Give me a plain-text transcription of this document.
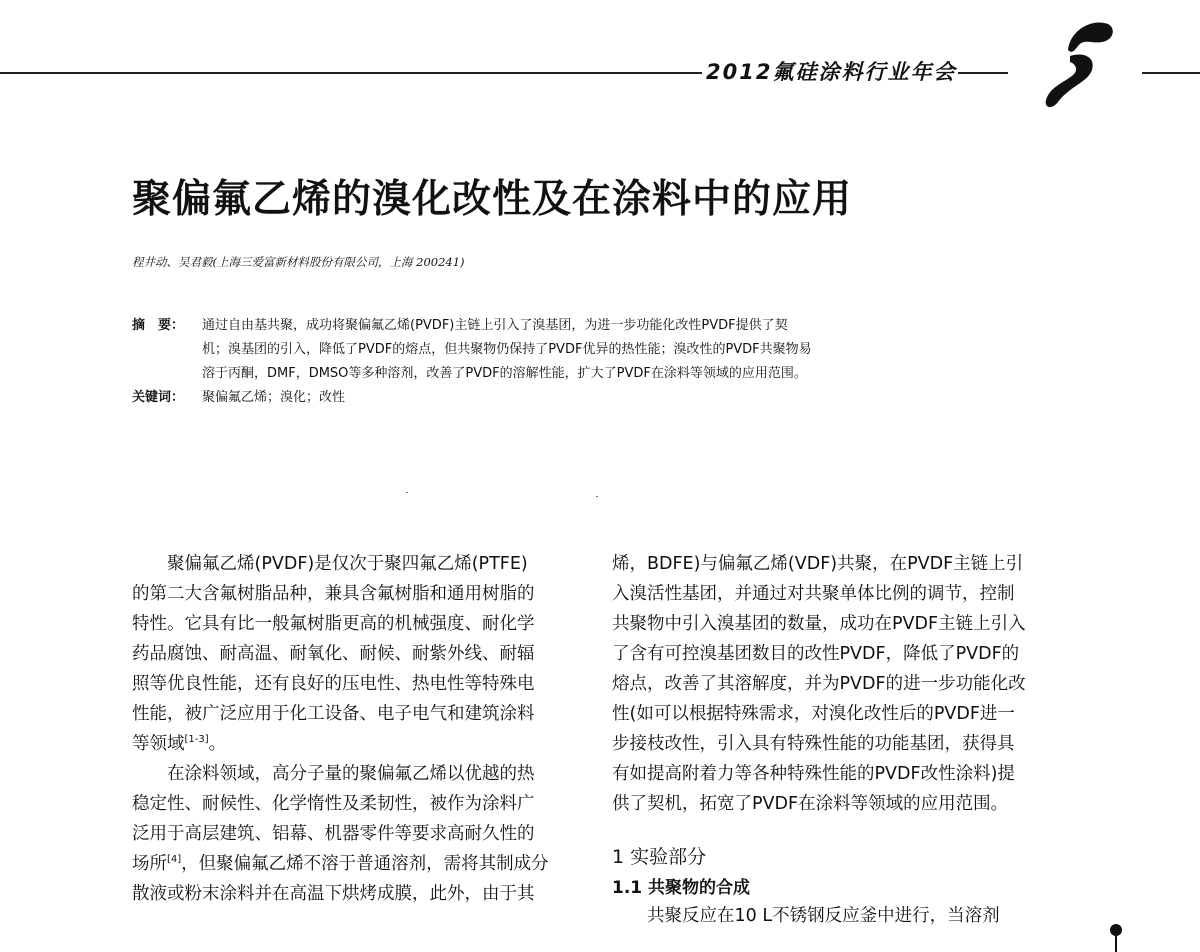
2012氟硅涂料行业年会
聚偏氟乙烯的溴化改性及在涂料中的应用
程井动、吴君毅(上海三爱富新材料股份有限公司，上海 200241)
摘　要： 通过自由基共聚，成功将聚偏氟乙烯(PVDF)主链上引入了溴基团，为进一步功能化改性PVDF提供了契
机；溴基团的引入，降低了PVDF的熔点，但共聚物仍保持了PVDF优异的热性能；溴改性的PVDF共聚物易
溶于丙酮，DMF，DMSO等多种溶剂，改善了PVDF的溶解性能，扩大了PVDF在涂料等领域的应用范围。
关键词： 聚偏氟乙烯；溴化；改性
聚偏氟乙烯(PVDF)是仅次于聚四氟乙烯(PTFE)
的第二大含氟树脂品种，兼具含氟树脂和通用树脂的
特性。它具有比一般氟树脂更高的机械强度、耐化学
药品腐蚀、耐高温、耐氧化、耐候、耐紫外线、耐辐
照等优良性能，还有良好的压电性、热电性等特殊电
性能，被广泛应用于化工设备、电子电气和建筑涂料
等领域[1-3]。
在涂料领域，高分子量的聚偏氟乙烯以优越的热
稳定性、耐候性、化学惰性及柔韧性，被作为涂料广
泛用于高层建筑、铝幕、机器零件等要求高耐久性的
场所[4]，但聚偏氟乙烯不溶于普通溶剂，需将其制成分
散液或粉末涂料并在高温下烘烤成膜，此外，由于其
烯，BDFE)与偏氟乙烯(VDF)共聚，在PVDF主链上引
入溴活性基团，并通过对共聚单体比例的调节，控制
共聚物中引入溴基团的数量，成功在PVDF主链上引入
了含有可控溴基团数目的改性PVDF，降低了PVDF的
熔点，改善了其溶解度，并为PVDF的进一步功能化改
性(如可以根据特殊需求，对溴化改性后的PVDF进一
步接枝改性，引入具有特殊性能的功能基团，获得具
有如提高附着力等各种特殊性能的PVDF改性涂料)提
供了契机，拓宽了PVDF在涂料等领域的应用范围。
1 实验部分
1.1 共聚物的合成
共聚反应在10 L不锈钢反应釜中进行，当溶剂
